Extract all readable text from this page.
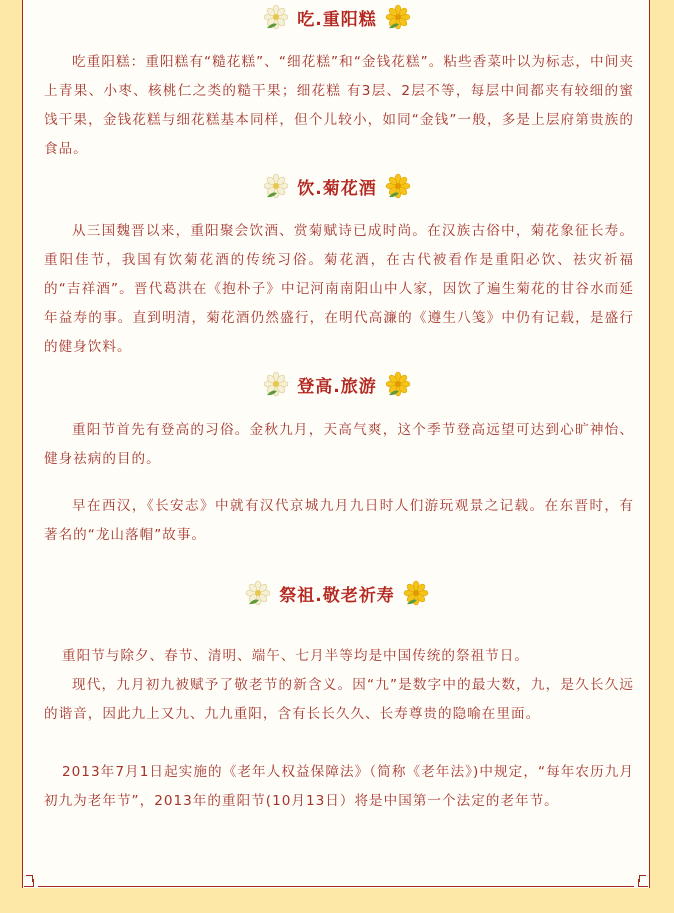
吃.重阳糕

吃重阳糕：重阳糕有“糙花糕”、“细花糕”和“金钱花糕”。粘些香菜叶以为标志，中间夹上青果、小枣、核桃仁之类的糙干果；细花糕 有3层、2层不等，每层中间都夹有较细的蜜饯干果，金钱花糕与细花糕基本同样，但个儿较小，如同“金钱”一般，多是上层府第贵族的食品。

饮.菊花酒

从三国魏晋以来，重阳聚会饮酒、赏菊赋诗已成时尚。在汉族古俗中，菊花象征长寿。重阳佳节，我国有饮菊花酒的传统习俗。菊花酒，在古代被看作是重阳必饮、祛灾祈福的“吉祥酒”。晋代葛洪在《抱朴子》中记河南南阳山中人家，因饮了遍生菊花的甘谷水而延年益寿的事。直到明清，菊花酒仍然盛行，在明代高濂的《遵生八笺》中仍有记载，是盛行的健身饮料。

登高.旅游

重阳节首先有登高的习俗。金秋九月，天高气爽，这个季节登高远望可达到心旷神怡、健身祛病的目的。

早在西汉，《长安志》中就有汉代京城九月九日时人们游玩观景之记载。在东晋时，有著名的“龙山落帽”故事。

祭祖.敬老祈寿

重阳节与除夕、春节、清明、端午、七月半等均是中国传统的祭祖节日。

现代，九月初九被赋予了敬老节的新含义。因“九”是数字中的最大数，九，是久长久远的谐音，因此九上又九、九九重阳，含有长长久久、长寿尊贵的隐喻在里面。

2013年7月1日起实施的《老年人权益保障法》（简称《老年法》)中规定，“每年农历九月初九为老年节”，2013年的重阳节(10月13日）将是中国第一个法定的老年节。
